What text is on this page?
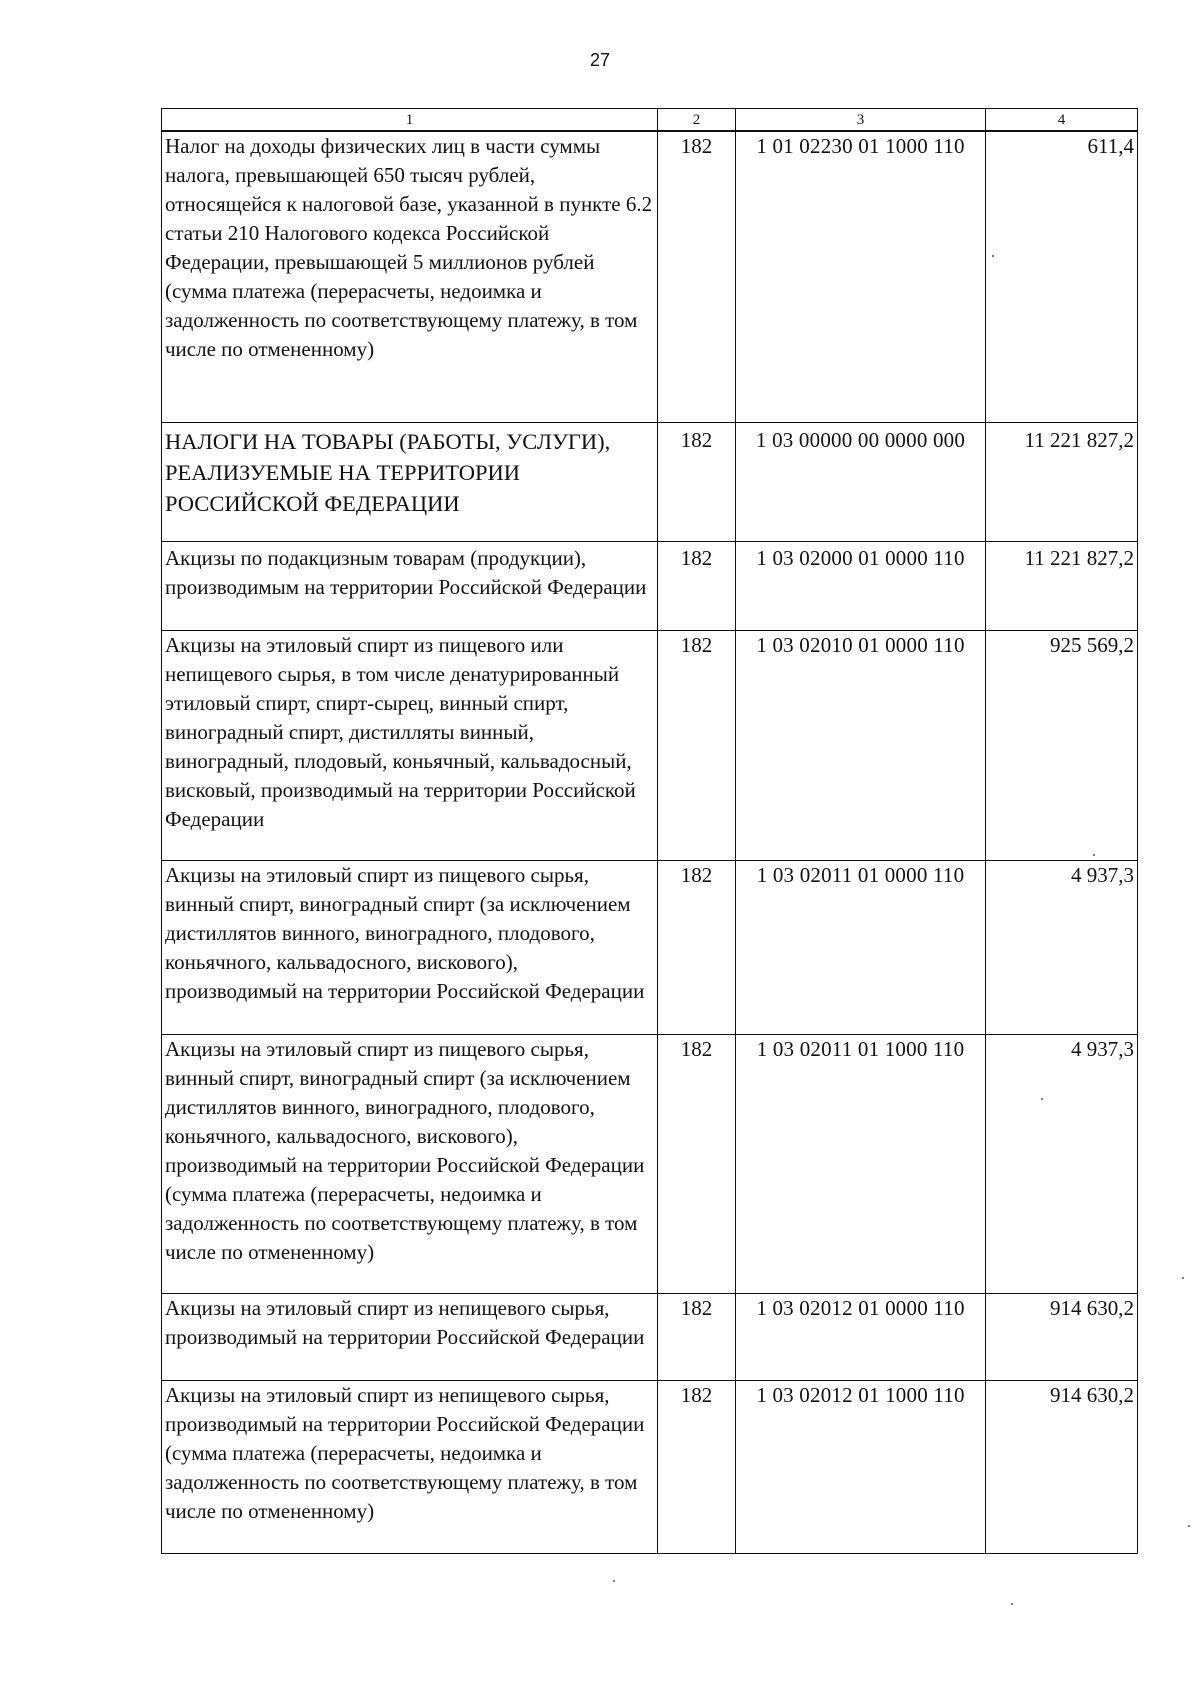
27
1	2	3	4
Налог на доходы физических лиц в части суммы налога, превышающей 650 тысяч рублей, относящейся к налоговой базе, указанной в пункте 6.2 статьи 210 Налогового кодекса Российской Федерации, превышающей 5 миллионов рублей (сумма платежа (перерасчеты, недоимка и задолженность по соответствующему платежу, в том числе по отмененному)	182	1 01 02230 01 1000 110	611,4
НАЛОГИ НА ТОВАРЫ (РАБОТЫ, УСЛУГИ), РЕАЛИЗУЕМЫЕ НА ТЕРРИТОРИИ РОССИЙСКОЙ ФЕДЕРАЦИИ	182	1 03 00000 00 0000 000	11 221 827,2
Акцизы по подакцизным товарам (продукции), производимым на территории Российской Федерации	182	1 03 02000 01 0000 110	11 221 827,2
Акцизы на этиловый спирт из пищевого или непищевого сырья, в том числе денатурированный этиловый спирт, спирт-сырец, винный спирт, виноградный спирт, дистилляты винный, виноградный, плодовый, коньячный, кальвадосный, висковый, производимый на территории Российской Федерации	182	1 03 02010 01 0000 110	925 569,2
Акцизы на этиловый спирт из пищевого сырья, винный спирт, виноградный спирт (за исключением дистиллятов винного, виноградного, плодового, коньячного, кальвадосного, вискового), производимый на территории Российской Федерации	182	1 03 02011 01 0000 110	4 937,3
Акцизы на этиловый спирт из пищевого сырья, винный спирт, виноградный спирт (за исключением дистиллятов винного, виноградного, плодового, коньячного, кальвадосного, вискового), производимый на территории Российской Федерации (сумма платежа (перерасчеты, недоимка и задолженность по соответствующему платежу, в том числе по отмененному)	182	1 03 02011 01 1000 110	4 937,3
Акцизы на этиловый спирт из непищевого сырья, производимый на территории Российской Федерации	182	1 03 02012 01 0000 110	914 630,2
Акцизы на этиловый спирт из непищевого сырья, производимый на территории Российской Федерации (сумма платежа (перерасчеты, недоимка и задолженность по соответствующему платежу, в том числе по отмененному)	182	1 03 02012 01 1000 110	914 630,2
